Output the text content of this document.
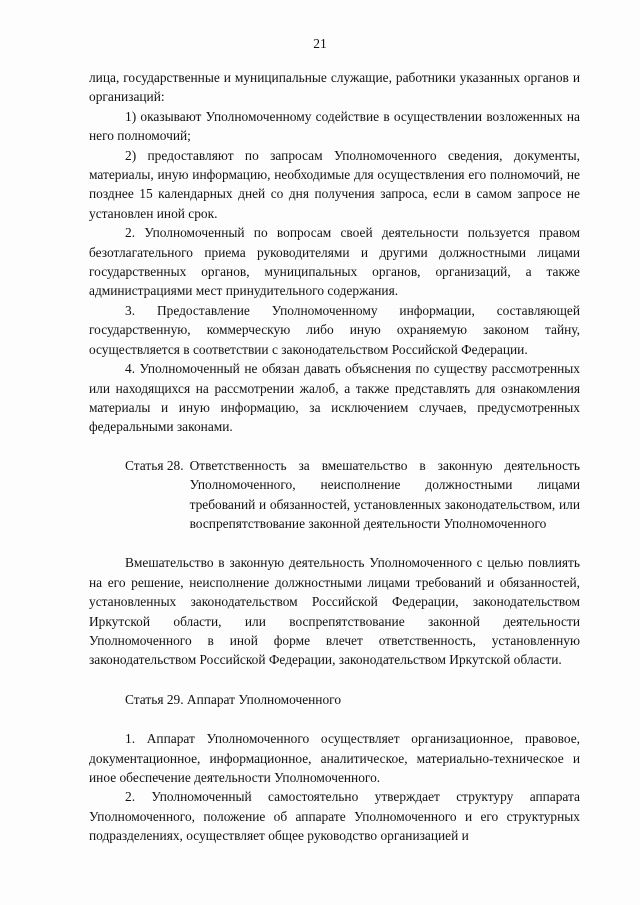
21

лица, государственные и муниципальные служащие, работники указанных органов и организаций:

1) оказывают Уполномоченному содействие в осуществлении возложенных на него полномочий;

2) предоставляют по запросам Уполномоченного сведения, документы, материалы, иную информацию, необходимые для осуществления его полномочий, не позднее 15 календарных дней со дня получения запроса, если в самом запросе не установлен иной срок.

2. Уполномоченный по вопросам своей деятельности пользуется правом безотлагательного приема руководителями и другими должностными лицами государственных органов, муниципальных органов, организаций, а также администрациями мест принудительного содержания.

3. Предоставление Уполномоченному информации, составляющей государственную, коммерческую либо иную охраняемую законом тайну, осуществляется в соответствии с законодательством Российской Федерации.

4. Уполномоченный не обязан давать объяснения по существу рассмотренных или находящихся на рассмотрении жалоб, а также представлять для ознакомления материалы и иную информацию, за исключением случаев, предусмотренных федеральными законами.

Статья 28. Ответственность за вмешательство в законную деятельность Уполномоченного, неисполнение должностными лицами требований и обязанностей, установленных законодательством, или воспрепятствование законной деятельности Уполномоченного

Вмешательство в законную деятельность Уполномоченного с целью повлиять на его решение, неисполнение должностными лицами требований и обязанностей, установленных законодательством Российской Федерации, законодательством Иркутской области, или воспрепятствование законной деятельности Уполномоченного в иной форме влечет ответственность, установленную законодательством Российской Федерации, законодательством Иркутской области.

Статья 29. Аппарат Уполномоченного

1. Аппарат Уполномоченного осуществляет организационное, правовое, документационное, информационное, аналитическое, материально-техническое и иное обеспечение деятельности Уполномоченного.

2. Уполномоченный самостоятельно утверждает структуру аппарата Уполномоченного, положение об аппарате Уполномоченного и его структурных подразделениях, осуществляет общее руководство организацией и
